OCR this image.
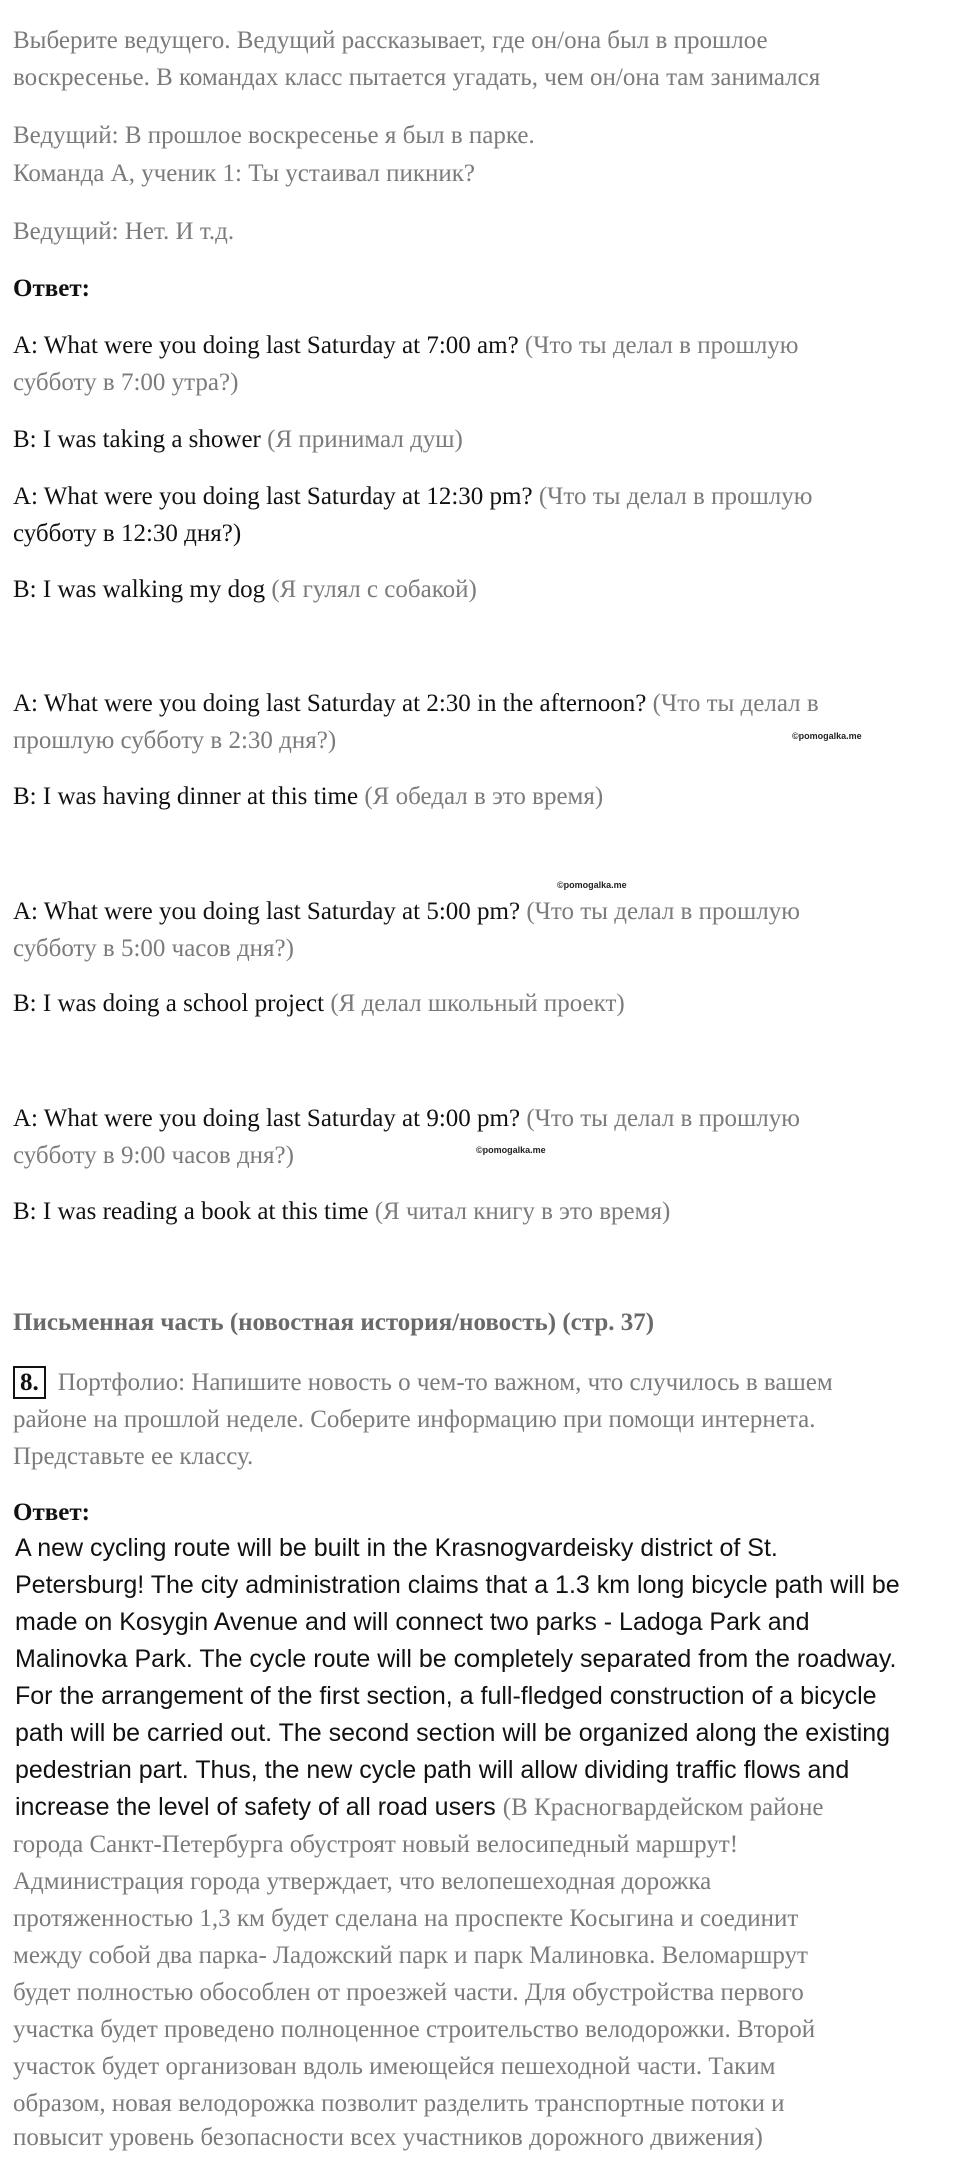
Выберите ведущего. Ведущий рассказывает, где он/она был в прошлое

воскресенье. В командах класс пытается угадать, чем он/она там занимался

Ведущий: В прошлое воскресенье я был в парке.

Команда А, ученик 1: Ты устаивал пикник?

Ведущий: Нет. И т.д.

Ответ:

A: What were you doing last Saturday at 7:00 am? (Что ты делал в прошлую

субботу в 7:00 утра?)

B: I was taking a shower (Я принимал душ)

A: What were you doing last Saturday at 12:30 pm? (Что ты делал в прошлую

субботу в 12:30 дня?)

B: I was walking my dog (Я гулял с собакой)

A: What were you doing last Saturday at 2:30 in the afternoon? (Что ты делал в

прошлую субботу в 2:30 дня?)	©pomogalka.me

B: I was having dinner at this time (Я обедал в это время)

©pomogalka.me

A: What were you doing last Saturday at 5:00 pm? (Что ты делал в прошлую

субботу в 5:00 часов дня?)

B: I was doing a school project (Я делал школьный проект)

A: What were you doing last Saturday at 9:00 pm? (Что ты делал в прошлую

субботу в 9:00 часов дня?)	©pomogalka.me

B: I was reading a book at this time (Я читал книгу в это время)

Письменная часть (новостная история/новость) (стр. 37)

8. Портфолио: Напишите новость о чем-то важном, что случилось в вашем

районе на прошлой неделе. Соберите информацию при помощи интернета.

Представьте ее классу.

Ответ:

A new cycling route will be built in the Krasnogvardeisky district of St.

Petersburg! The city administration claims that a 1.3 km long bicycle path will be

made on Kosygin Avenue and will connect two parks - Ladoga Park and

Malinovka Park. The cycle route will be completely separated from the roadway.

For the arrangement of the first section, a full-fledged construction of a bicycle

path will be carried out. The second section will be organized along the existing

pedestrian part. Thus, the new cycle path will allow dividing traffic flows and

increase the level of safety of all road users (В Красногвардейском районе

города Санкт-Петербурга обустроят новый велосипедный маршрут!

Администрация города утверждает, что велопешеходная дорожка

протяженностью 1,3 км будет сделана на проспекте Косыгина и соединит

между собой два парка- Ладожский парк и парк Малиновка. Веломаршрут

будет полностью обособлен от проезжей части. Для обустройства первого

участка будет проведено полноценное строительство велодорожки. Второй

участок будет организован вдоль имеющейся пешеходной части. Таким

образом, новая велодорожка позволит разделить транспортные потоки и

повысит уровень безопасности всех участников дорожного движения)
